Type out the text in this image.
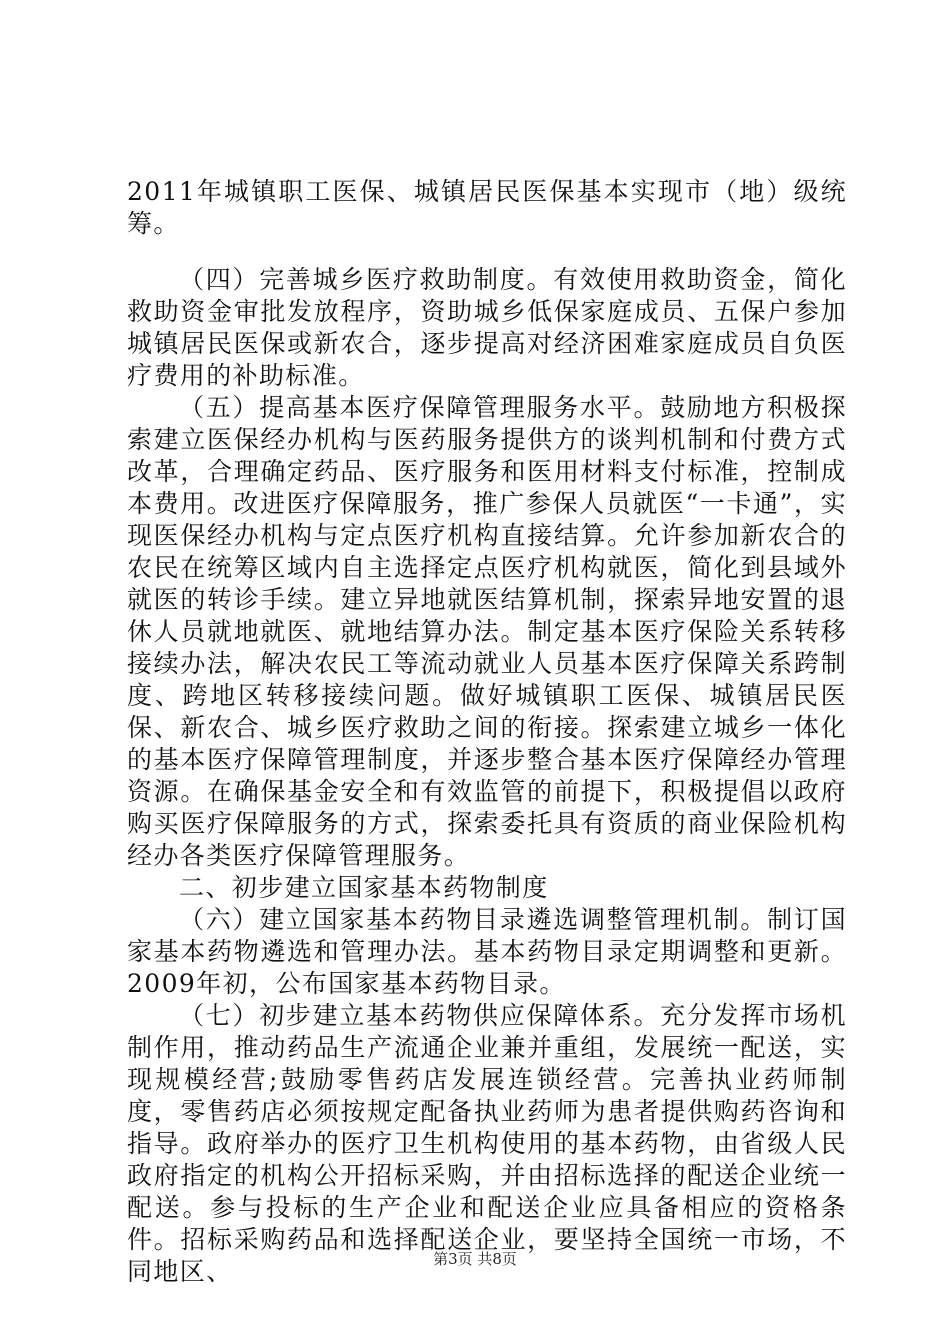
2011年城镇职工医保、城镇居民医保基本实现市（地）级统筹。

（四）完善城乡医疗救助制度。有效使用救助资金，简化救助资金审批发放程序，资助城乡低保家庭成员、五保户参加城镇居民医保或新农合，逐步提高对经济困难家庭成员自负医疗费用的补助标准。

（五）提高基本医疗保障管理服务水平。鼓励地方积极探索建立医保经办机构与医药服务提供方的谈判机制和付费方式改革，合理确定药品、医疗服务和医用材料支付标准，控制成本费用。改进医疗保障服务，推广参保人员就医“一卡通”，实现医保经办机构与定点医疗机构直接结算。允许参加新农合的农民在统筹区域内自主选择定点医疗机构就医，简化到县域外就医的转诊手续。建立异地就医结算机制，探索异地安置的退休人员就地就医、就地结算办法。制定基本医疗保险关系转移接续办法，解决农民工等流动就业人员基本医疗保障关系跨制度、跨地区转移接续问题。做好城镇职工医保、城镇居民医保、新农合、城乡医疗救助之间的衔接。探索建立城乡一体化的基本医疗保障管理制度，并逐步整合基本医疗保障经办管理资源。在确保基金安全和有效监管的前提下，积极提倡以政府购买医疗保障服务的方式，探索委托具有资质的商业保险机构经办各类医疗保障管理服务。

二、初步建立国家基本药物制度

（六）建立国家基本药物目录遴选调整管理机制。制订国家基本药物遴选和管理办法。基本药物目录定期调整和更新。2009年初，公布国家基本药物目录。

（七）初步建立基本药物供应保障体系。充分发挥市场机制作用，推动药品生产流通企业兼并重组，发展统一配送，实现规模经营;鼓励零售药店发展连锁经营。完善执业药师制度，零售药店必须按规定配备执业药师为患者提供购药咨询和指导。政府举办的医疗卫生机构使用的基本药物，由省级人民政府指定的机构公开招标采购，并由招标选择的配送企业统一配送。参与投标的生产企业和配送企业应具备相应的资格条件。招标采购药品和选择配送企业，要坚持全国统一市场，不同地区、	第3页 共8页
